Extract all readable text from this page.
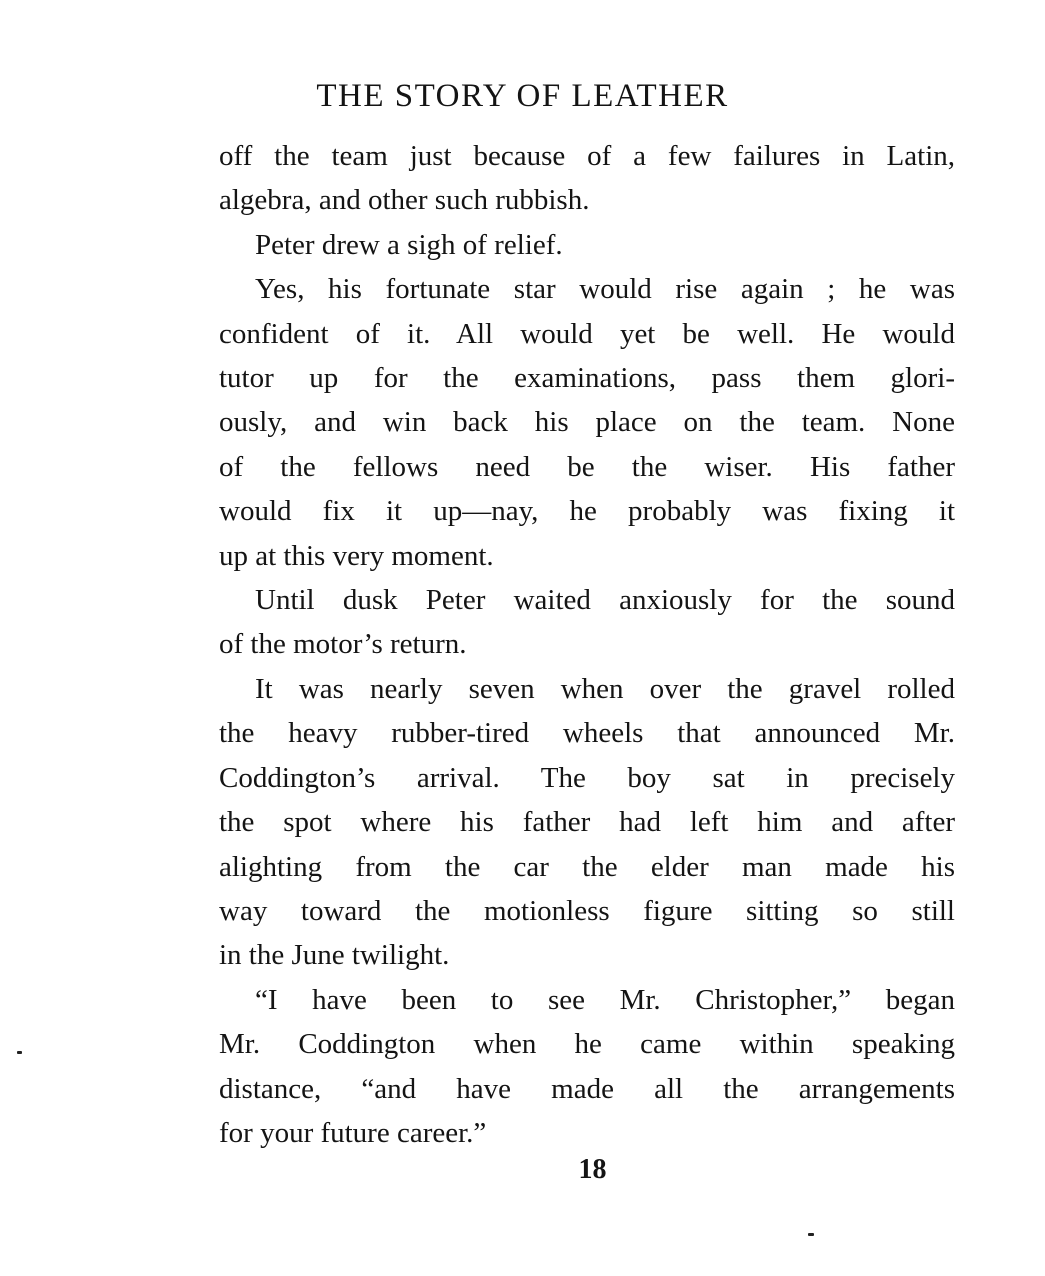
THE STORY OF LEATHER
off the team just because of a few failures in Latin,
algebra, and other such rubbish.
Peter drew a sigh of relief.
Yes, his fortunate star would rise again ; he was
confident of it. All would yet be well. He would
tutor up for the examinations, pass them glori-
ously, and win back his place on the team. None
of the fellows need be the wiser. His father
would fix it up—nay, he probably was fixing it
up at this very moment.
Until dusk Peter waited anxiously for the sound
of the motor’s return.
It was nearly seven when over the gravel rolled
the heavy rubber-tired wheels that announced Mr.
Coddington’s arrival. The boy sat in precisely
the spot where his father had left him and after
alighting from the car the elder man made his
way toward the motionless figure sitting so still
in the June twilight.
“I have been to see Mr. Christopher,” began
Mr. Coddington when he came within speaking
distance, “and have made all the arrangements
for your future career.”
18
